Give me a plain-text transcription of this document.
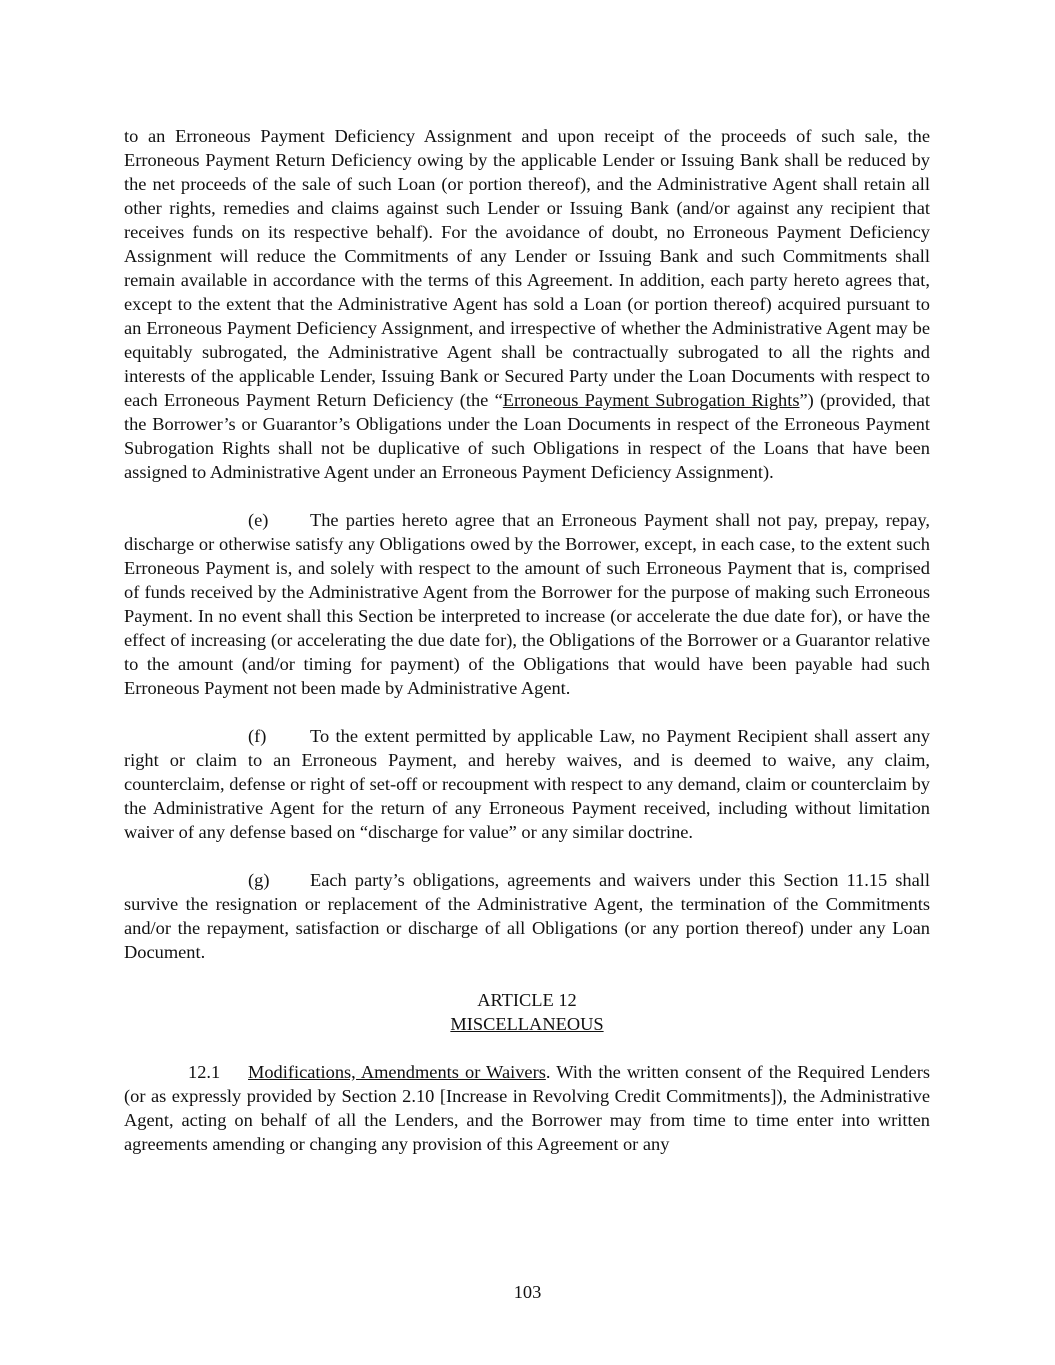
to an Erroneous Payment Deficiency Assignment and upon receipt of the proceeds of such sale, the Erroneous Payment Return Deficiency owing by the applicable Lender or Issuing Bank shall be reduced by the net proceeds of the sale of such Loan (or portion thereof), and the Administrative Agent shall retain all other rights, remedies and claims against such Lender or Issuing Bank (and/or against any recipient that receives funds on its respective behalf). For the avoidance of doubt, no Erroneous Payment Deficiency Assignment will reduce the Commitments of any Lender or Issuing Bank and such Commitments shall remain available in accordance with the terms of this Agreement. In addition, each party hereto agrees that, except to the extent that the Administrative Agent has sold a Loan (or portion thereof) acquired pursuant to an Erroneous Payment Deficiency Assignment, and irrespective of whether the Administrative Agent may be equitably subrogated, the Administrative Agent shall be contractually subrogated to all the rights and interests of the applicable Lender, Issuing Bank or Secured Party under the Loan Documents with respect to each Erroneous Payment Return Deficiency (the “Erroneous Payment Subrogation Rights”) (provided, that the Borrower’s or Guarantor’s Obligations under the Loan Documents in respect of the Erroneous Payment Subrogation Rights shall not be duplicative of such Obligations in respect of the Loans that have been assigned to Administrative Agent under an Erroneous Payment Deficiency Assignment).

(e) The parties hereto agree that an Erroneous Payment shall not pay, prepay, repay, discharge or otherwise satisfy any Obligations owed by the Borrower, except, in each case, to the extent such Erroneous Payment is, and solely with respect to the amount of such Erroneous Payment that is, comprised of funds received by the Administrative Agent from the Borrower for the purpose of making such Erroneous Payment. In no event shall this Section be interpreted to increase (or accelerate the due date for), or have the effect of increasing (or accelerating the due date for), the Obligations of the Borrower or a Guarantor relative to the amount (and/or timing for payment) of the Obligations that would have been payable had such Erroneous Payment not been made by Administrative Agent.

(f) To the extent permitted by applicable Law, no Payment Recipient shall assert any right or claim to an Erroneous Payment, and hereby waives, and is deemed to waive, any claim, counterclaim, defense or right of set-off or recoupment with respect to any demand, claim or counterclaim by the Administrative Agent for the return of any Erroneous Payment received, including without limitation waiver of any defense based on “discharge for value” or any similar doctrine.

(g) Each party’s obligations, agreements and waivers under this Section 11.15 shall survive the resignation or replacement of the Administrative Agent, the termination of the Commitments and/or the repayment, satisfaction or discharge of all Obligations (or any portion thereof) under any Loan Document.

ARTICLE 12
MISCELLANEOUS

12.1 Modifications, Amendments or Waivers. With the written consent of the Required Lenders (or as expressly provided by Section 2.10 [Increase in Revolving Credit Commitments]), the Administrative Agent, acting on behalf of all the Lenders, and the Borrower may from time to time enter into written agreements amending or changing any provision of this Agreement or any

103
